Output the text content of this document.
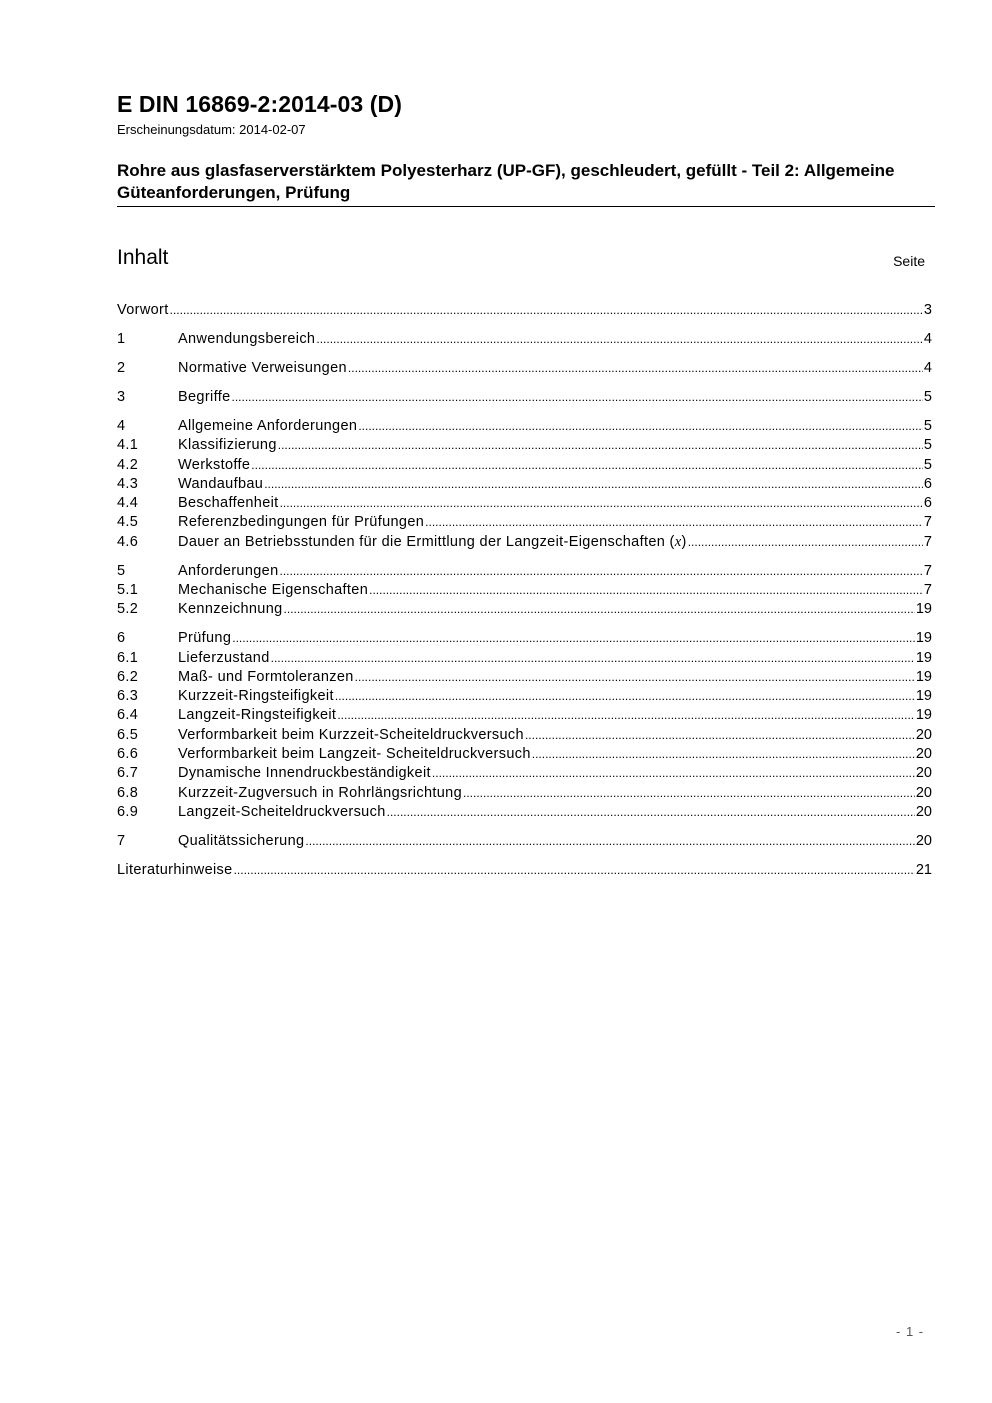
E DIN 16869-2:2014-03 (D)
Erscheinungsdatum: 2014-02-07
Rohre aus glasfaserverstärktem Polyesterharz (UP-GF), geschleudert, gefüllt - Teil 2: Allgemeine Güteanforderungen, Prüfung
Inhalt	Seite
Vorwort .....	3
1	Anwendungsbereich .....	4
2	Normative Verweisungen .....	4
3	Begriffe .....	5
4	Allgemeine Anforderungen .....	5
4.1	Klassifizierung .....	5
4.2	Werkstoffe .....	5
4.3	Wandaufbau .....	6
4.4	Beschaffenheit .....	6
4.5	Referenzbedingungen für Prüfungen .....	7
4.6	Dauer an Betriebsstunden für die Ermittlung der Langzeit-Eigenschaften (x) .....	7
5	Anforderungen .....	7
5.1	Mechanische Eigenschaften .....	7
5.2	Kennzeichnung .....	19
6	Prüfung .....	19
6.1	Lieferzustand .....	19
6.2	Maß- und Formtoleranzen .....	19
6.3	Kurzzeit-Ringsteifigkeit .....	19
6.4	Langzeit-Ringsteifigkeit .....	19
6.5	Verformbarkeit beim Kurzzeit-Scheiteldruckversuch .....	20
6.6	Verformbarkeit beim Langzeit- Scheiteldruckversuch .....	20
6.7	Dynamische Innendruckbeständigkeit .....	20
6.8	Kurzzeit-Zugversuch in Rohrlängsrichtung .....	20
6.9	Langzeit-Scheiteldruckversuch .....	20
7	Qualitätssicherung .....	20
Literaturhinweise .....	21
- 1 -
